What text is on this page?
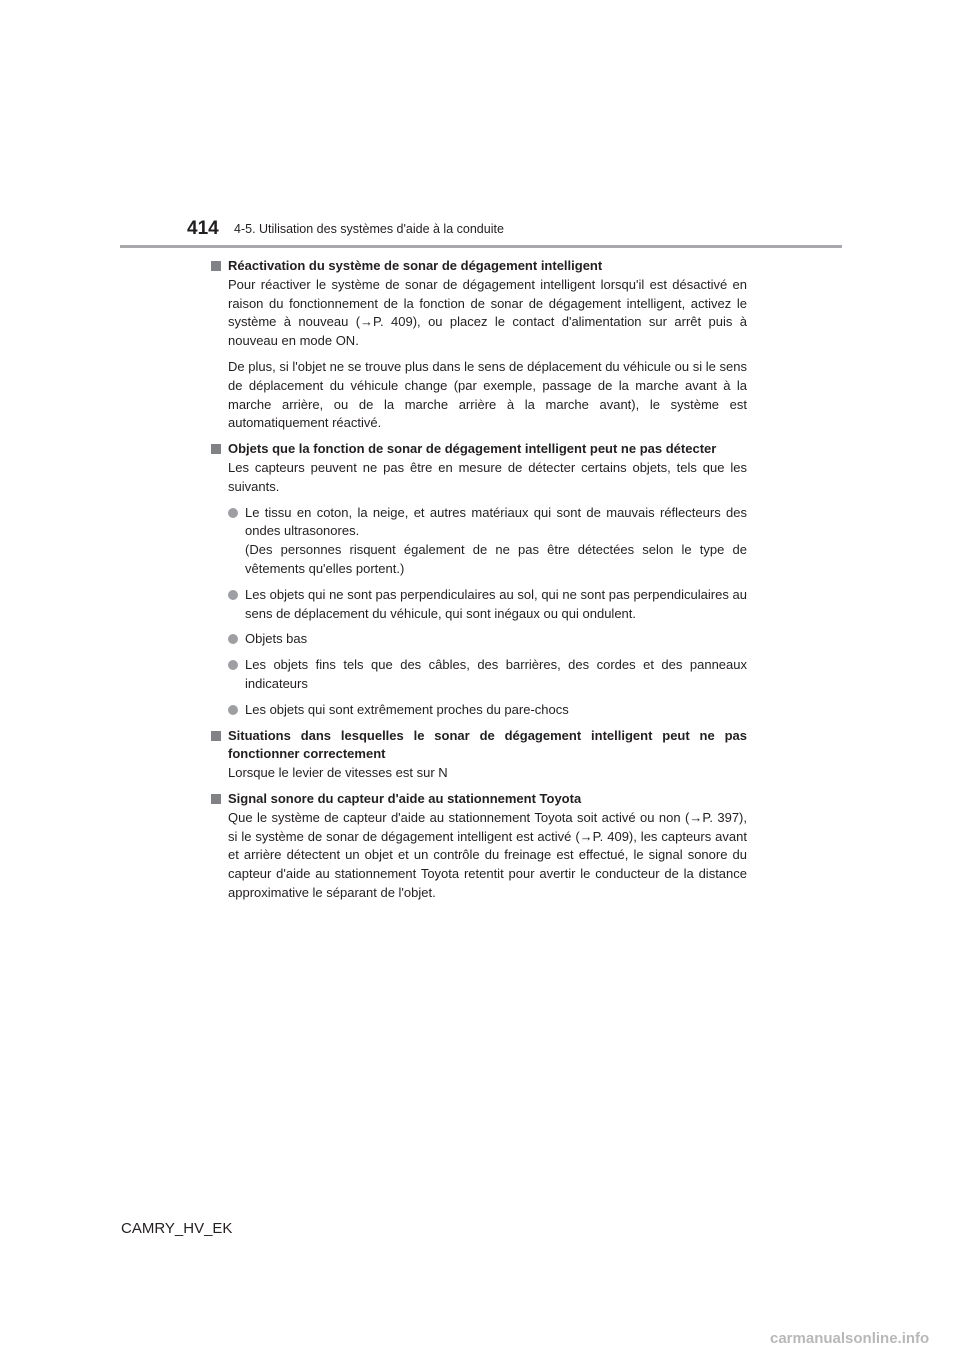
414 4-5. Utilisation des systèmes d'aide à la conduite
Réactivation du système de sonar de dégagement intelligent

Pour réactiver le système de sonar de dégagement intelligent lorsqu'il est désactivé en raison du fonctionnement de la fonction de sonar de dégagement intelligent, activez le système à nouveau (→P. 409), ou placez le contact d'alimentation sur arrêt puis à nouveau en mode ON.

De plus, si l'objet ne se trouve plus dans le sens de déplacement du véhicule ou si le sens de déplacement du véhicule change (par exemple, passage de la marche avant à la marche arrière, ou de la marche arrière à la marche avant), le système est automatiquement réactivé.

Objets que la fonction de sonar de dégagement intelligent peut ne pas détecter

Les capteurs peuvent ne pas être en mesure de détecter certains objets, tels que les suivants.

Le tissu en coton, la neige, et autres matériaux qui sont de mauvais réflecteurs des ondes ultrasonores.
(Des personnes risquent également de ne pas être détectées selon le type de vêtements qu'elles portent.)
Les objets qui ne sont pas perpendiculaires au sol, qui ne sont pas perpendiculaires au sens de déplacement du véhicule, qui sont inégaux ou qui ondulent.
Objets bas
Les objets fins tels que des câbles, des barrières, des cordes et des panneaux indicateurs
Les objets qui sont extrêmement proches du pare-chocs
Situations dans lesquelles le sonar de dégagement intelligent peut ne pas fonctionner correctement

Lorsque le levier de vitesses est sur N

Signal sonore du capteur d'aide au stationnement Toyota

Que le système de capteur d'aide au stationnement Toyota soit activé ou non (→P. 397), si le système de sonar de dégagement intelligent est activé (→P. 409), les capteurs avant et arrière détectent un objet et un contrôle du freinage est effectué, le signal sonore du capteur d'aide au stationnement Toyota retentit pour avertir le conducteur de la distance approximative le séparant de l'objet.

CAMRY_HV_EK
carmanualsonline.info
